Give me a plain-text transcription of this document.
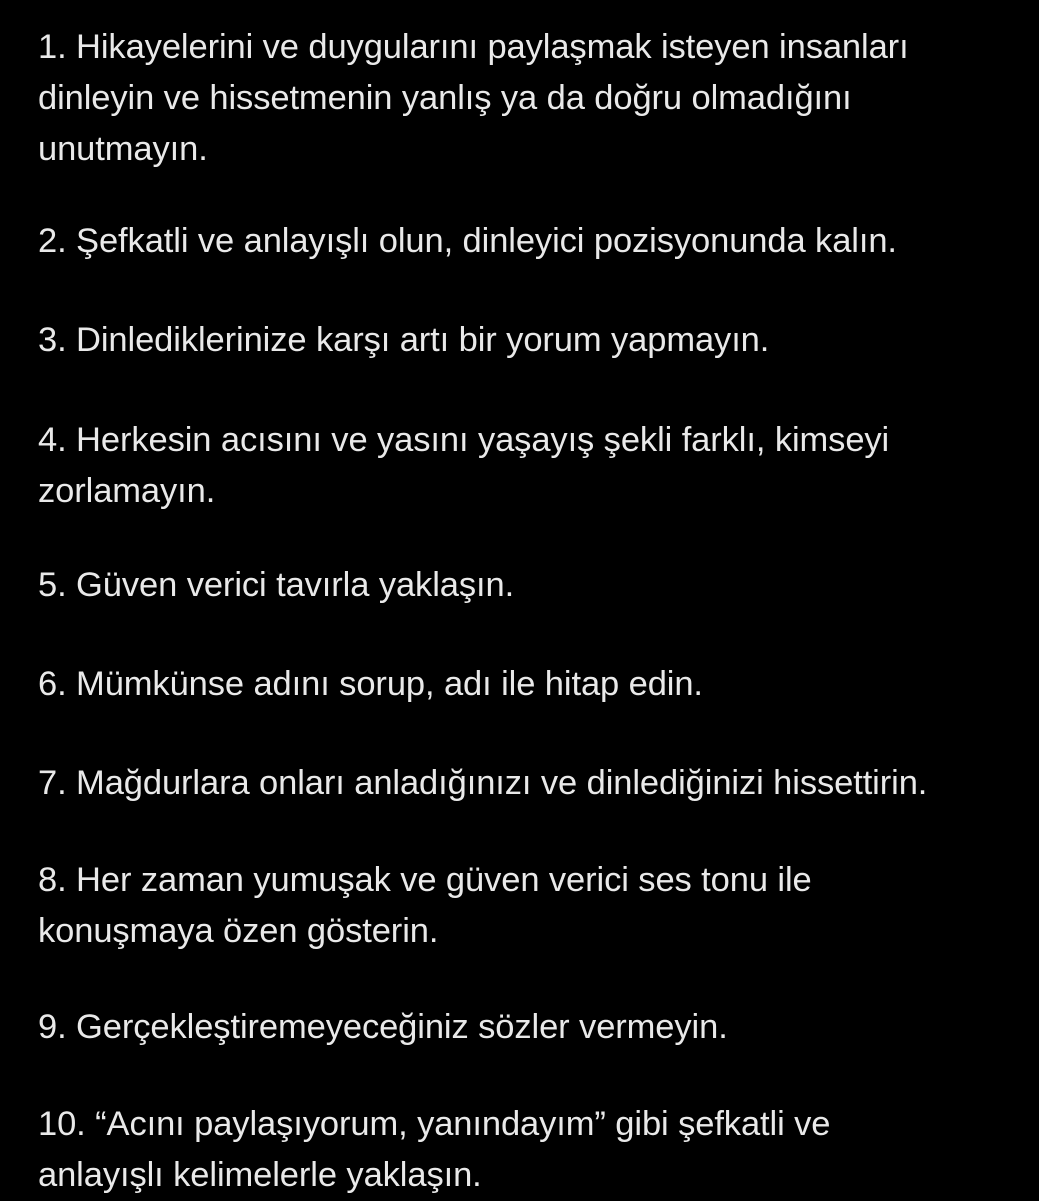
1. Hikayelerini ve duygularını paylaşmak isteyen insanları
dinleyin ve hissetmenin yanlış ya da doğru olmadığını
unutmayın.

2. Şefkatli ve anlayışlı olun, dinleyici pozisyonunda kalın.

3. Dinlediklerinize karşı artı bir yorum yapmayın.

4. Herkesin acısını ve yasını yaşayış şekli farklı, kimseyi
zorlamayın.

5. Güven verici tavırla yaklaşın.

6. Mümkünse adını sorup, adı ile hitap edin.

7. Mağdurlara onları anladığınızı ve dinlediğinizi hissettirin.

8. Her zaman yumuşak ve güven verici ses tonu ile
konuşmaya özen gösterin.

9. Gerçekleştiremeyeceğiniz sözler vermeyin.

10. “Acını paylaşıyorum, yanındayım” gibi şefkatli ve
anlayışlı kelimelerle yaklaşın.
